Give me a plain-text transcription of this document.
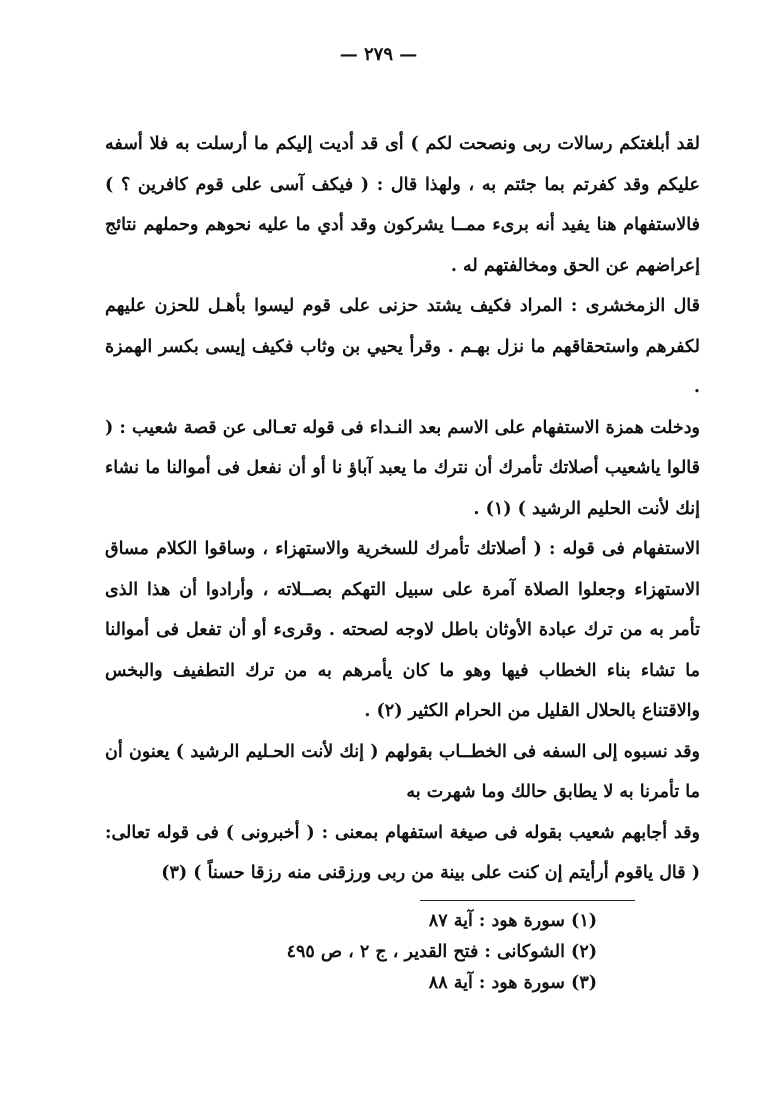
— ٢٧٩ —

لقد أبلغتكم رسالات ربى ونصحت لكم ) أى قد أديت إليكم ما أرسلت به فلا أسفه عليكم وقد كفرتم بما جئتم به ، ولهذا قال : ( فيكف آسى على قوم كافرين ؟ ) فالاستفهام هنا يفيد أنه برىء ممــا يشركون وقد أدي ما عليه نحوهم وحملهم نتائج إعراضهم عن الحق ومخالفتهم له .

قال الزمخشرى : المراد فكيف يشتد حزنى على قوم ليسوا بأهـل للحزن عليهم لكفرهم واستحقاقهم ما نزل بهـم . وقرأ يحيي بن وثاب فكيف إيسى بكسر الهمزة .

ودخلت همزة الاستفهام على الاسم بعد النـداء فى قوله تعـالى عن قصة شعيب : ( قالوا ياشعيب أصلاتك تأمرك أن نترك ما يعبد آباؤ نا أو أن نفعل فى أموالنا ما نشاء إنك لأنت الحليم الرشيد ) (١) .

الاستفهام فى قوله : ( أصلاتك تأمرك للسخرية والاستهزاء ، وساقوا الكلام مساق الاستهزاء وجعلوا الصلاة آمرة على سبيل التهكم بصــلاته ، وأرادوا أن هذا الذى تأمر به من ترك عبادة الأوثان باطل لاوجه لصحته . وقرىء أو أن تفعل فى أموالنا ما تشاء بناء الخطاب فيها وهو ما كان يأمرهم به من ترك التطفيف والبخس والاقتناع بالحلال القليل من الحرام الكثير (٢) .

وقد نسبوه إلى السفه فى الخطــاب بقولهم ( إنك لأنت الحـليم الرشيد ) يعنون أن ما تأمرنا به لا يطابق حالك وما شهرت به

وقد أجابهم شعيب بقوله فى صيغة استفهام بمعنى : ( أخبرونى ) فى قوله تعالى: ( قال ياقوم أرأيتم إن كنت على بينة من ربى ورزقنى منه رزقا حسناً ) (٣)

(١) سورة هود : آية ٨٧
(٢) الشوكانى : فتح القدير ، ج ٢ ، ص ٤٩٥
(٣) سورة هود : آية ٨٨
